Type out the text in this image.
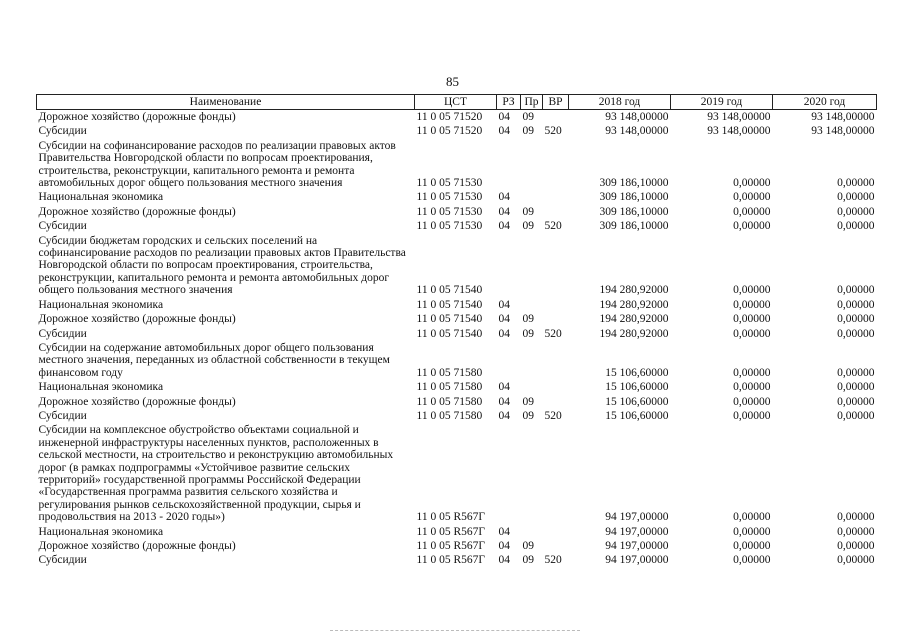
85
Наименование	ЦСТ	РЗ	Пр	ВР	2018 год	2019 год	2020 год
Дорожное хозяйство (дорожные фонды)	11 0 05 71520	04	09		93 148,00000	93 148,00000	93 148,00000
Субсидии	11 0 05 71520	04	09	520	93 148,00000	93 148,00000	93 148,00000
Субсидии на софинансирование расходов по реализации правовых актов Правительства Новгородской области по вопросам проектирования, строительства, реконструкции, капитального ремонта и ремонта автомобильных дорог общего пользования местного значения	11 0 05 71530				309 186,10000	0,00000	0,00000
Национальная экономика	11 0 05 71530	04			309 186,10000	0,00000	0,00000
Дорожное хозяйство (дорожные фонды)	11 0 05 71530	04	09		309 186,10000	0,00000	0,00000
Субсидии	11 0 05 71530	04	09	520	309 186,10000	0,00000	0,00000
Субсидии бюджетам городских и сельских поселений на софинансирование расходов по реализации правовых актов Правительства Новгородской области по вопросам проектирования, строительства, реконструкции, капитального ремонта и ремонта автомобильных дорог общего пользования местного значения	11 0 05 71540				194 280,92000	0,00000	0,00000
Национальная экономика	11 0 05 71540	04			194 280,92000	0,00000	0,00000
Дорожное хозяйство (дорожные фонды)	11 0 05 71540	04	09		194 280,92000	0,00000	0,00000
Субсидии	11 0 05 71540	04	09	520	194 280,92000	0,00000	0,00000
Субсидии на содержание автомобильных дорог общего пользования местного значения, переданных из областной собственности в текущем финансовом году	11 0 05 71580				15 106,60000	0,00000	0,00000
Национальная экономика	11 0 05 71580	04			15 106,60000	0,00000	0,00000
Дорожное хозяйство (дорожные фонды)	11 0 05 71580	04	09		15 106,60000	0,00000	0,00000
Субсидии	11 0 05 71580	04	09	520	15 106,60000	0,00000	0,00000
Субсидии на комплексное обустройство объектами социальной и инженерной инфраструктуры населенных пунктов, расположенных в сельской местности, на строительство и реконструкцию автомобильных дорог (в рамках подпрограммы «Устойчивое развитие сельских территорий» государственной программы Российской Федерации «Государственная программа развития сельского хозяйства и регулирования рынков сельскохозяйственной продукции, сырья и продовольствия на 2013 - 2020 годы»)	11 0 05 R567Г				94 197,00000	0,00000	0,00000
Национальная экономика	11 0 05 R567Г	04			94 197,00000	0,00000	0,00000
Дорожное хозяйство (дорожные фонды)	11 0 05 R567Г	04	09		94 197,00000	0,00000	0,00000
Субсидии	11 0 05 R567Г	04	09	520	94 197,00000	0,00000	0,00000
